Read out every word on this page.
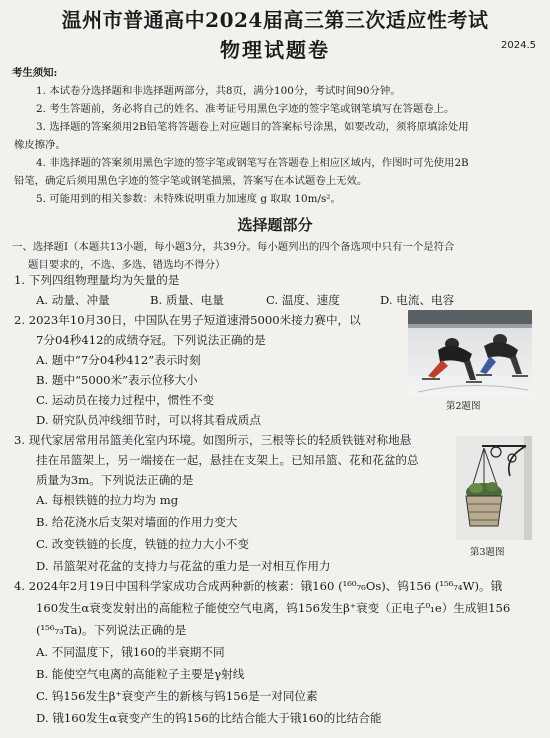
温州市普通高中2024届高三第三次适应性考试
物理试题卷	2024.5
考生须知:
1. 本试卷分选择题和非选择题两部分，共8页，满分100分，考试时间90分钟。
2. 考生答题前，务必将自己的姓名、准考证号用黑色字迹的签字笔或钢笔填写在答题卷上。
3. 选择题的答案须用2B铅笔将答题卷上对应题目的答案标号涂黑，如要改动，须将原填涂处用
橡皮擦净。
4. 非选择题的答案须用黑色字迹的签字笔或钢笔写在答题卷上相应区域内，作图时可先使用2B
铅笔，确定后须用黑色字迹的签字笔或钢笔描黑，答案写在本试题卷上无效。
5. 可能用到的相关参数：未特殊说明重力加速度 g 取取 10m/s²。
选择题部分
一、选择题Ⅰ（本题共13小题，每小题3分，共39分。每小题列出的四个备选项中只有一个是符合
题目要求的，不选、多选、错选均不得分）
1. 下列四组物理量均为矢量的是
A. 动量、冲量	B. 质量、电量	C. 温度、速度	D. 电流、电容
2. 2023年10月30日，中国队在男子短道速滑5000米接力赛中，以
7分04秒412的成绩夺冠。下列说法正确的是
A. 题中“7分04秒412”表示时刻
B. 题中“5000米”表示位移大小
C. 运动员在接力过程中，惯性不变
D. 研究队员冲线细节时，可以将其看成质点
第2题图
3. 现代家居常用吊篮美化室内环境。如图所示，三根等长的轻质铁链对称地悬
挂在吊篮架上，另一端接在一起，悬挂在支架上。已知吊篮、花和花盆的总
质量为3m。下列说法正确的是
A. 每根铁链的拉力均为 mg
B. 给花浇水后支架对墙面的作用力变大
C. 改变铁链的长度，铁链的拉力大小不变
D. 吊篮架对花盆的支持力与花盆的重力是一对相互作用力
第3题图
4. 2024年2月19日中国科学家成功合成两种新的核素：锇160 (¹⁶⁰₇₆Os)、钨156 (¹⁵⁶₇₄W)。锇
160发生α衰变发射出的高能粒子能使空气电离，钨156发生β⁺衰变（正电子⁰₁e）生成钽156
(¹⁵⁶₇₃Ta)。下列说法正确的是
A. 不同温度下，锇160的半衰期不同
B. 能使空气电离的高能粒子主要是γ射线
C. 钨156发生β⁺衰变产生的新核与钨156是一对同位素
D. 锇160发生α衰变产生的钨156的比结合能大于锇160的比结合能
